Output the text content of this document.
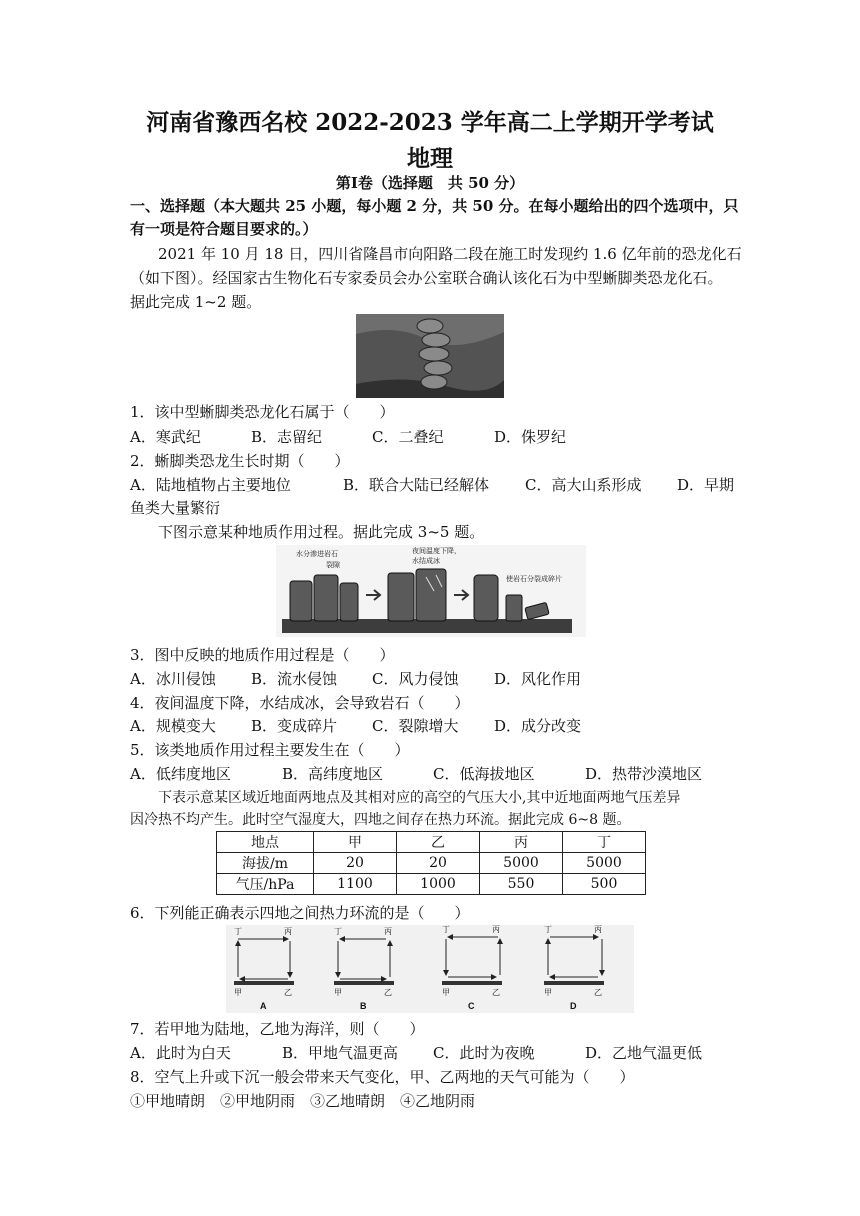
河南省豫西名校 2022-2023 学年高二上学期开学考试
地理
第Ⅰ卷（选择题　共 50 分）
一、选择题（本大题共 25 小题，每小题 2 分，共 50 分。在每小题给出的四个选项中，只
有一项是符合题目要求的。）
2021 年 10 月 18 日，四川省隆昌市向阳路二段在施工时发现约 1.6 亿年前的恐龙化石
（如下图）。经国家古生物化石专家委员会办公室联合确认该化石为中型蜥脚类恐龙化石。
据此完成 1~2 题。
1．该中型蜥脚类恐龙化石属于（　　）
A．寒武纪	B．志留纪	C．二叠纪	D．侏罗纪
2．蜥脚类恐龙生长时期（　　）
A．陆地植物占主要地位	B．联合大陆已经解体 C．高大山系形成 D．早期
鱼类大量繁衍
下图示意某种地质作用过程。据此完成 3~5 题。
水分渗进岩石
裂隙
夜间温度下降，
水结成冰
使岩石分裂成碎片
3．图中反映的地质作用过程是（　　）
A．冰川侵蚀 B．流水侵蚀 C．风力侵蚀 D．风化作用
4．夜间温度下降，水结成冰，会导致岩石（　　）
A．规模变大 B．变成碎片 C．裂隙增大 D．成分改变
5．该类地质作用过程主要发生在（　　）
A．低纬度地区	B．高纬度地区	C．低海拔地区	D．热带沙漠地区
下表示意某区域近地面两地点及其相对应的高空的气压大小,其中近地面两地气压差异
因冷热不均产生。此时空气湿度大，四地之间存在热力环流。据此完成 6~8 题。
地点	甲	乙	丙	丁
海拔/m	20	20	5000	5000
气压/hPa	1100	1000	550	500
6．下列能正确表示四地之间热力环流的是（　　）
丁	丙
甲	乙
丁	丙
甲	乙
丁	丙
甲	乙
丁	丙
甲	乙
A	B	C	D
7．若甲地为陆地，乙地为海洋，则（　　）
A．此时为白天	B．甲地气温更高 C．此时为夜晚	D．乙地气温更低
8．空气上升或下沉一般会带来天气变化，甲、乙两地的天气可能为（　　）
①甲地晴朗　②甲地阴雨　③乙地晴朗　④乙地阴雨
